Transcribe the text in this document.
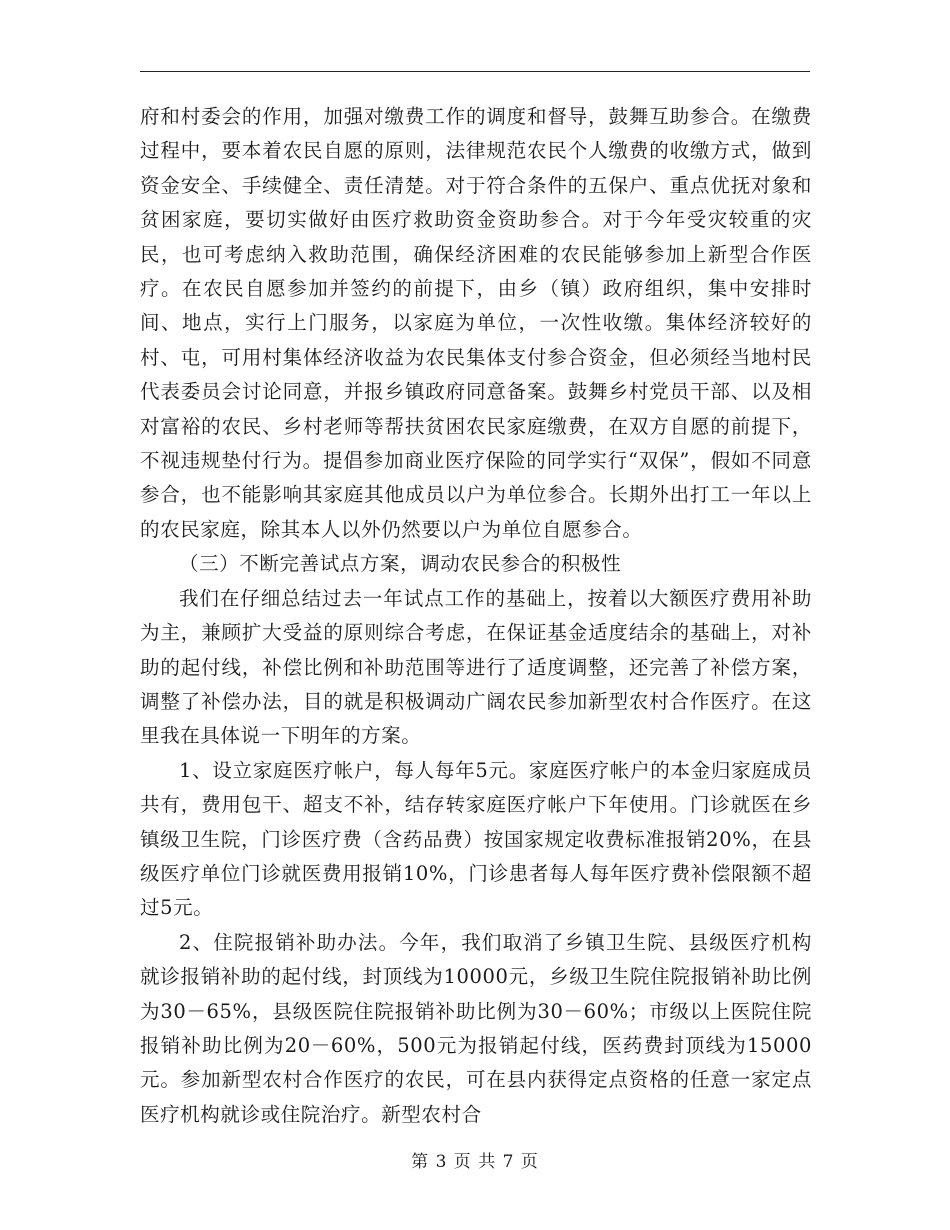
府和村委会的作用，加强对缴费工作的调度和督导，鼓舞互助参合。在缴费过程中，要本着农民自愿的原则，法律规范农民个人缴费的收缴方式，做到资金安全、手续健全、责任清楚。对于符合条件的五保户、重点优抚对象和贫困家庭，要切实做好由医疗救助资金资助参合。对于今年受灾较重的灾民，也可考虑纳入救助范围，确保经济困难的农民能够参加上新型合作医疗。在农民自愿参加并签约的前提下，由乡（镇）政府组织，集中安排时间、地点，实行上门服务，以家庭为单位，一次性收缴。集体经济较好的村、屯，可用村集体经济收益为农民集体支付参合资金，但必须经当地村民代表委员会讨论同意，并报乡镇政府同意备案。鼓舞乡村党员干部、以及相对富裕的农民、乡村老师等帮扶贫困农民家庭缴费，在双方自愿的前提下，不视违规垫付行为。提倡参加商业医疗保险的同学实行“双保”，假如不同意参合，也不能影响其家庭其他成员以户为单位参合。长期外出打工一年以上的农民家庭，除其本人以外仍然要以户为单位自愿参合。

（三）不断完善试点方案，调动农民参合的积极性

我们在仔细总结过去一年试点工作的基础上，按着以大额医疗费用补助为主，兼顾扩大受益的原则综合考虑，在保证基金适度结余的基础上，对补助的起付线，补偿比例和补助范围等进行了适度调整，还完善了补偿方案，调整了补偿办法，目的就是积极调动广阔农民参加新型农村合作医疗。在这里我在具体说一下明年的方案。

1、设立家庭医疗帐户，每人每年5元。家庭医疗帐户的本金归家庭成员共有，费用包干、超支不补，结存转家庭医疗帐户下年使用。门诊就医在乡镇级卫生院，门诊医疗费（含药品费）按国家规定收费标准报销20%，在县级医疗单位门诊就医费用报销10%，门诊患者每人每年医疗费补偿限额不超过5元。

2、住院报销补助办法。今年，我们取消了乡镇卫生院、县级医疗机构就诊报销补助的起付线，封顶线为10000元，乡级卫生院住院报销补助比例为30－65%，县级医院住院报销补助比例为30－60%；市级以上医院住院报销补助比例为20－60%，500元为报销起付线，医药费封顶线为15000元。参加新型农村合作医疗的农民，可在县内获得定点资格的任意一家定点医疗机构就诊或住院治疗。新型农村合

第 3 页 共 7 页
